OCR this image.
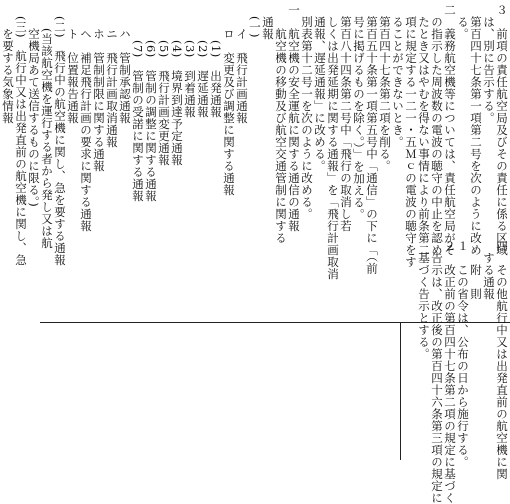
３　前項の責任航空局及びその責任に係る区域
　は、別に告示する。
　第百四十七条第一項第二号を次のように改め
　る。
二　義務航空機等については、責任航空局がそ
　の指示した周波数の電波の聴守の中止を認め
　たとき又はやむを得ない事情により前条第二
　項に規定する一二一・五Ｍｃの電波の聴守をす
　ることができないとき。
　第百四十七条第二項を削る。
　第百五十条第一項第五号中「通信」の下に「（前
　号に掲げるものを除く。）」を加える。
　第百八十四条第二号中「飛行の取消し若
　しくは出発延期に関する通報」を「飛行計画取消
　通報、遅延通報」に改める。
　別表第十二号一を次のように改める。
一　航空機の安全運航に関する通信の通報
　　航空機の移動及び航空交通管制に関する
　通報
　(一)
　　イ　飛行計画通報
　　ロ　変更及び調整に関する通報
　　　(1)　出発通報
　　　(2)　遅延通報
　　　(3)　到着通報
　　　(4)　境界到達予定通報
　　　(5)　飛行計画変更通報
　　　(6)　管制の調整に関する通報
　　　(7)　管制の受諾に関する通報
　　ハ　管制承認通報
　　ニ　飛行計画取消通報
　　ホ　管制制限に関する通報
　　ヘ　補足飛行計画の要求に関する通報
　　ト　位置報告通報
　(二)　飛行中の航空機に関し、急を要する通報
　　(当該航空機を運行する者から発し又は航
　　空機局あて送信するものに限る。)
　(三)　航行中又は出発直前の航空機に関し、急
　　を要する気象情報
四　その他航行中又は出発直前の航空機に関
　する通報
　　附　則
１　この省令は、公布の日から施行する。
２　改正前の第百四十七条第二項の規定に基づく
　告示は、改正後の第百四十六条第三項の規定に
　基づく告示とする。
